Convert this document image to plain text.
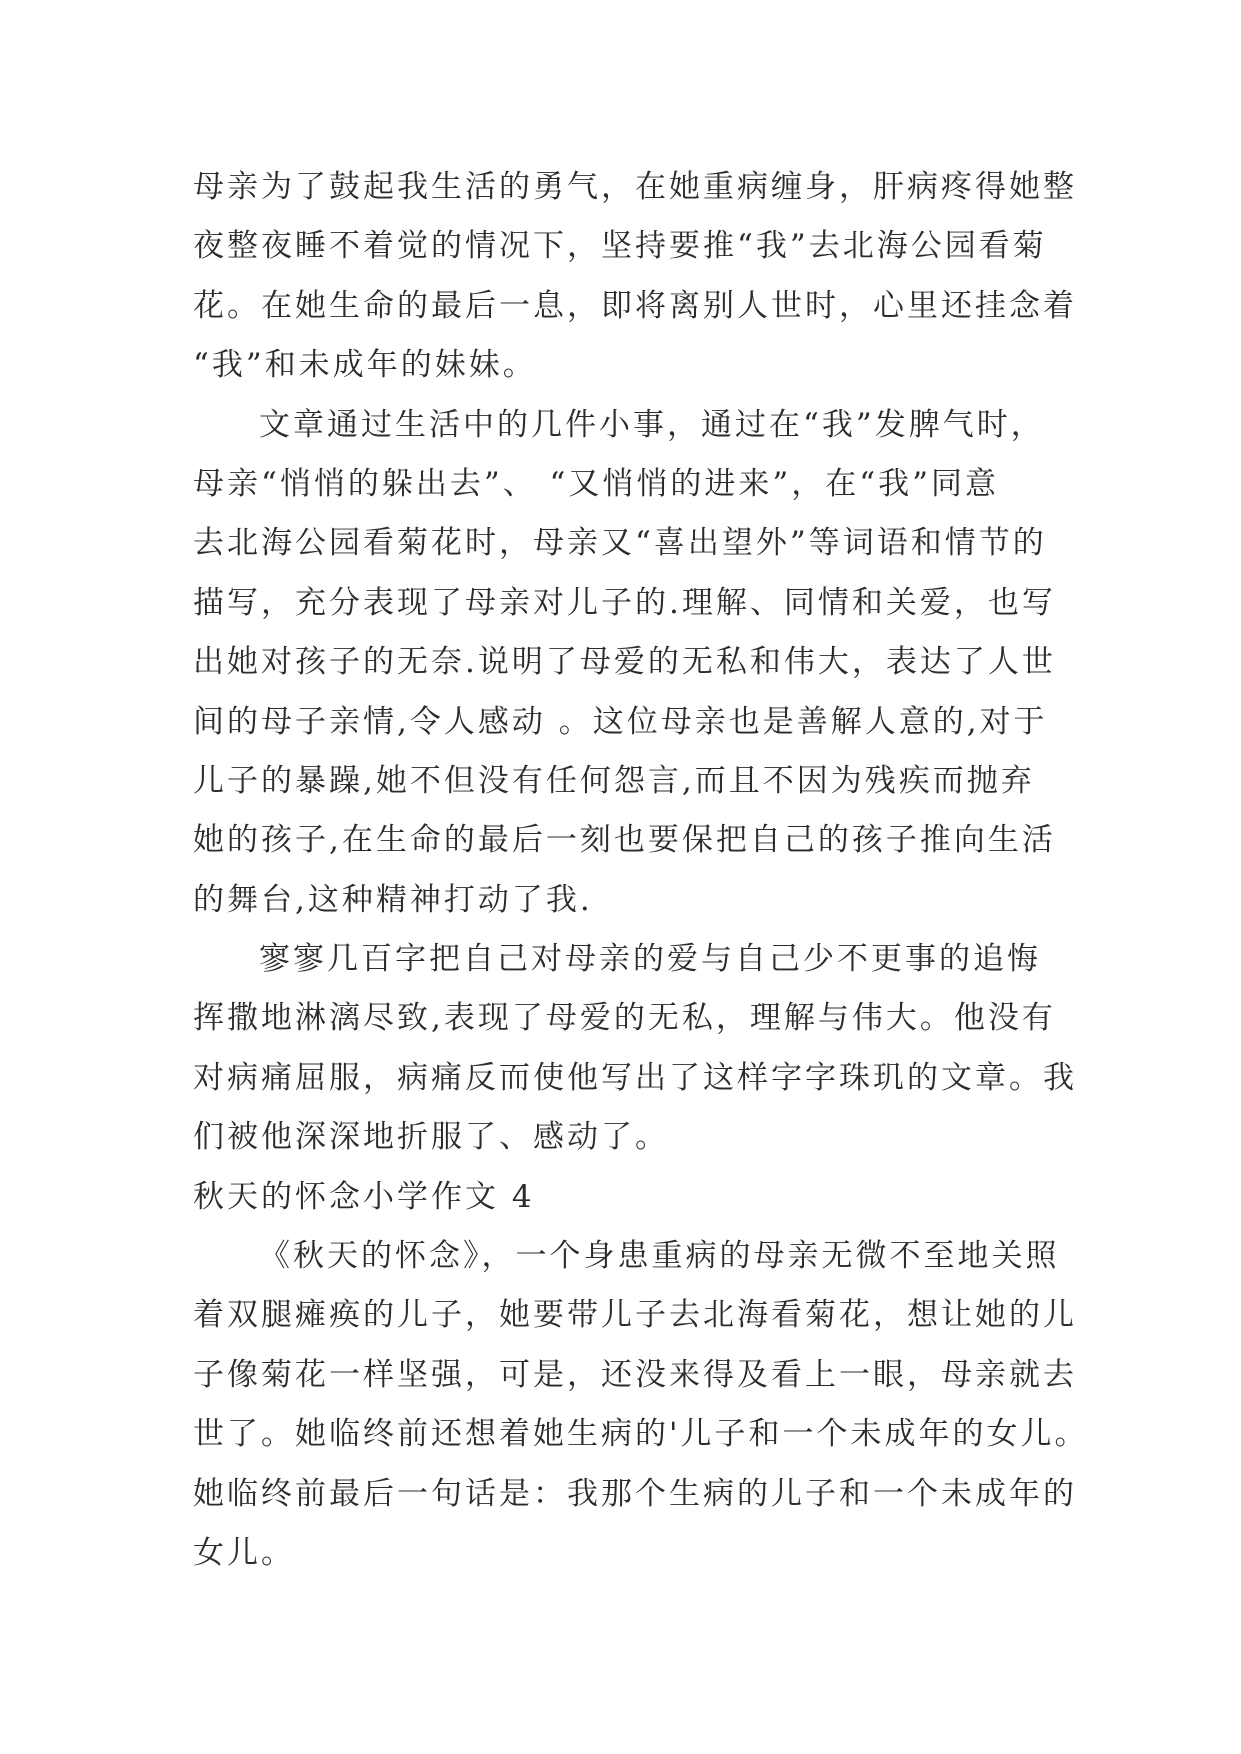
母亲为了鼓起我生活的勇气，在她重病缠身，肝病疼得她整
夜整夜睡不着觉的情况下，坚持要推“我”去北海公园看菊
花。在她生命的最后一息，即将离别人世时，心里还挂念着
“我”和未成年的妹妹。
文章通过生活中的几件小事，通过在“我”发脾气时，
母亲“悄悄的躲出去”、 “又悄悄的进来”，在“我”同意
去北海公园看菊花时，母亲又“喜出望外”等词语和情节的
描写，充分表现了母亲对儿子的.理解、同情和关爱，也写
出她对孩子的无奈.说明了母爱的无私和伟大，表达了人世
间的母子亲情,令人感动 。这位母亲也是善解人意的,对于
儿子的暴躁,她不但没有任何怨言,而且不因为残疾而抛弃
她的孩子,在生命的最后一刻也要保把自己的孩子推向生活
的舞台,这种精神打动了我.
寥寥几百字把自己对母亲的爱与自己少不更事的追悔
挥撒地淋漓尽致,表现了母爱的无私，理解与伟大。他没有
对病痛屈服，病痛反而使他写出了这样字字珠玑的文章。我
们被他深深地折服了、感动了。
秋天的怀念小学作文 4
《秋天的怀念》，一个身患重病的母亲无微不至地关照
着双腿瘫痪的儿子，她要带儿子去北海看菊花，想让她的儿
子像菊花一样坚强，可是，还没来得及看上一眼，母亲就去
世了。她临终前还想着她生病的'儿子和一个未成年的女儿。
她临终前最后一句话是：我那个生病的儿子和一个未成年的
女儿。
